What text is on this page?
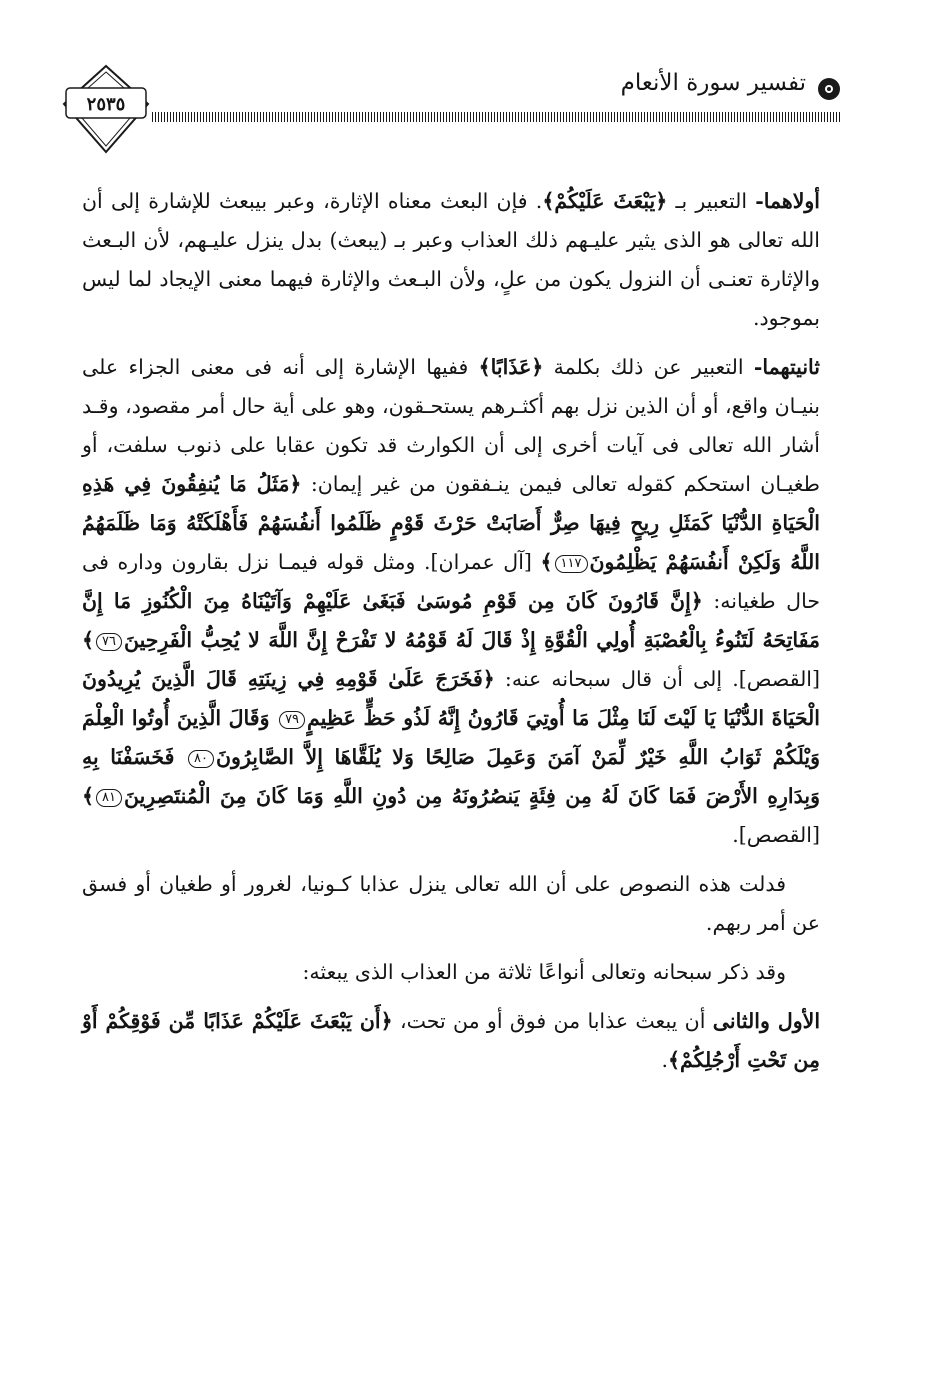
٢٥٣٥
تفسير سورة الأنعام

أولاهما- التعبير بـ ﴿يَبْعَثَ عَلَيْكُمْ﴾. فإن البعث معناه الإثارة، وعبر بيبعث للإشارة إلى أن الله تعالى هو الذى يثير عليـهم ذلك العذاب وعبر بـ (يبعث) بدل ينزل عليـهم، لأن البـعث والإثارة تعنـى أن النزول يكون من علٍ، ولأن البـعث والإثارة فيهما معنى الإيجاد لما ليس بموجود.

ثانيتهما- التعبير عن ذلك بكلمة ﴿عَذَابًا﴾ ففيها الإشارة إلى أنه فى معنى الجزاء على بنيـان واقع، أو أن الذين نزل بهم أكثـرهم يستحـقون، وهو على أية حال أمر مقصود، وقـد أشار الله تعالى فى آيات أخرى إلى أن الكوارث قد تكون عقابا على ذنوب سلفت، أو طغيـان استحكم كقوله تعالى فيمن ينـفقون من غير إيمان: ﴿مَثَلُ مَا يُنفِقُونَ فِي هَذِهِ الْحَيَاةِ الدُّنْيَا كَمَثَلِ رِيحٍ فِيهَا صِرٌّ أَصَابَتْ حَرْثَ قَوْمٍ ظَلَمُوا أَنفُسَهُمْ فَأَهْلَكَتْهُ وَمَا ظَلَمَهُمُ اللَّهُ وَلَكِنْ أَنفُسَهُمْ يَظْلِمُونَ١١٧﴾ [آل عمران]. ومثل قوله فيمـا نزل بقارون وداره فى حال طغيانه: ﴿إِنَّ قَارُونَ كَانَ مِن قَوْمِ مُوسَىٰ فَبَغَىٰ عَلَيْهِمْ وَآتَيْنَاهُ مِنَ الْكُنُوزِ مَا إِنَّ مَفَاتِحَهُ لَتَنُوءُ بِالْعُصْبَةِ أُولِي الْقُوَّةِ إِذْ قَالَ لَهُ قَوْمُهُ لا تَفْرَحْ إِنَّ اللَّهَ لا يُحِبُّ الْفَرِحِينَ٧٦﴾ [القصص]. إلى أن قال سبحانه عنه: ﴿فَخَرَجَ عَلَىٰ قَوْمِهِ فِي زِينَتِهِ قَالَ الَّذِينَ يُرِيدُونَ الْحَيَاةَ الدُّنْيَا يَا لَيْتَ لَنَا مِثْلَ مَا أُوتِيَ قَارُونُ إِنَّهُ لَذُو حَظٍّ عَظِيمٍ٧٩ وَقَالَ الَّذِينَ أُوتُوا الْعِلْمَ وَيْلَكُمْ ثَوَابُ اللَّهِ خَيْرٌ لِّمَنْ آمَنَ وَعَمِلَ صَالِحًا وَلا يُلَقَّاهَا إِلاَّ الصَّابِرُونَ٨٠ فَخَسَفْنَا بِهِ وَبِدَارِهِ الأَرْضَ فَمَا كَانَ لَهُ مِن فِئَةٍ يَنصُرُونَهُ مِن دُونِ اللَّهِ وَمَا كَانَ مِنَ الْمُنتَصِرِينَ٨١﴾ [القصص].

فدلت هذه النصوص على أن الله تعالى ينزل عذابا كـونيا، لغرور أو طغيان أو فسق عن أمر ربهم.

وقد ذكر سبحانه وتعالى أنواعًا ثلاثة من العذاب الذى يبعثه:

الأول والثانى أن يبعث عذابا من فوق أو من تحت، ﴿أَن يَبْعَثَ عَلَيْكُمْ عَذَابًا مِّن فَوْقِكُمْ أَوْ مِن تَحْتِ أَرْجُلِكُمْ﴾.
